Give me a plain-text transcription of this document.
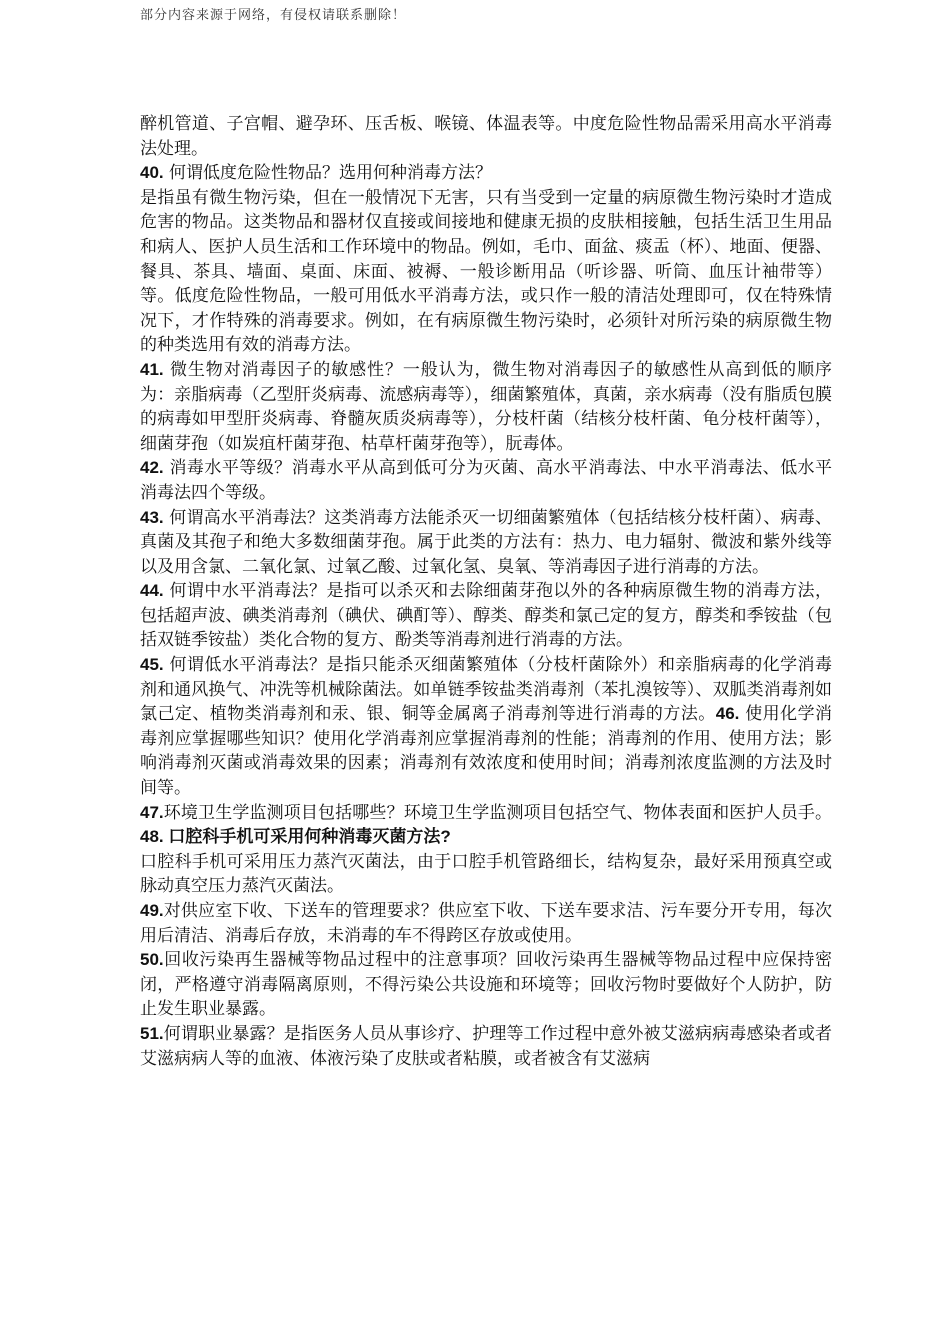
部分内容来源于网络，有侵权请联系删除！

醉机管道、子宫帽、避孕环、压舌板、喉镜、体温表等。中度危险性物品需采用高水平消毒法处理。

40. 何谓低度危险性物品？选用何种消毒方法？

是指虽有微生物污染，但在一般情况下无害，只有当受到一定量的病原微生物污染时才造成危害的物品。这类物品和器材仅直接或间接地和健康无损的皮肤相接触，包括生活卫生用品和病人、医护人员生活和工作环境中的物品。例如，毛巾、面盆、痰盂（杯）、地面、便器、餐具、茶具、墙面、桌面、床面、被褥、一般诊断用品（听诊器、听筒、血压计袖带等）等。低度危险性物品，一般可用低水平消毒方法，或只作一般的清洁处理即可，仅在特殊情况下，才作特殊的消毒要求。例如，在有病原微生物污染时，必须针对所污染的病原微生物的种类选用有效的消毒方法。

41. 微生物对消毒因子的敏感性？一般认为，微生物对消毒因子的敏感性从高到低的顺序为：亲脂病毒（乙型肝炎病毒、流感病毒等），细菌繁殖体，真菌，亲水病毒（没有脂质包膜的病毒如甲型肝炎病毒、脊髓灰质炎病毒等），分枝杆菌（结核分枝杆菌、龟分枝杆菌等），细菌芽孢（如炭疽杆菌芽孢、枯草杆菌芽孢等），朊毒体。

42. 消毒水平等级？消毒水平从高到低可分为灭菌、高水平消毒法、中水平消毒法、低水平消毒法四个等级。

43. 何谓高水平消毒法？这类消毒方法能杀灭一切细菌繁殖体（包括结核分枝杆菌）、病毒、真菌及其孢子和绝大多数细菌芽孢。属于此类的方法有：热力、电力辐射、微波和紫外线等以及用含氯、二氧化氯、过氧乙酸、过氧化氢、臭氧、等消毒因子进行消毒的方法。

44. 何谓中水平消毒法？是指可以杀灭和去除细菌芽孢以外的各种病原微生物的消毒方法，包括超声波、碘类消毒剂（碘伏、碘酊等）、醇类、醇类和氯己定的复方，醇类和季铵盐（包括双链季铵盐）类化合物的复方、酚类等消毒剂进行消毒的方法。

45. 何谓低水平消毒法？是指只能杀灭细菌繁殖体（分枝杆菌除外）和亲脂病毒的化学消毒剂和通风换气、冲洗等机械除菌法。如单链季铵盐类消毒剂（苯扎溴铵等）、双胍类消毒剂如氯己定、植物类消毒剂和汞、银、铜等金属离子消毒剂等进行消毒的方法。46. 使用化学消毒剂应掌握哪些知识？使用化学消毒剂应掌握消毒剂的性能；消毒剂的作用、使用方法；影响消毒剂灭菌或消毒效果的因素；消毒剂有效浓度和使用时间；消毒剂浓度监测的方法及时间等。

47.环境卫生学监测项目包括哪些？环境卫生学监测项目包括空气、物体表面和医护人员手。48. 口腔科手机可采用何种消毒灭菌方法?

口腔科手机可采用压力蒸汽灭菌法，由于口腔手机管路细长，结构复杂，最好采用预真空或脉动真空压力蒸汽灭菌法。

49.对供应室下收、下送车的管理要求？供应室下收、下送车要求洁、污车要分开专用，每次用后清洁、消毒后存放，未消毒的车不得跨区存放或使用。

50.回收污染再生器械等物品过程中的注意事项？回收污染再生器械等物品过程中应保持密闭，严格遵守消毒隔离原则，不得污染公共设施和环境等；回收污物时要做好个人防护，防止发生职业暴露。

51.何谓职业暴露？是指医务人员从事诊疗、护理等工作过程中意外被艾滋病病毒感染者或者艾滋病病人等的血液、体液污染了皮肤或者粘膜，或者被含有艾滋病
